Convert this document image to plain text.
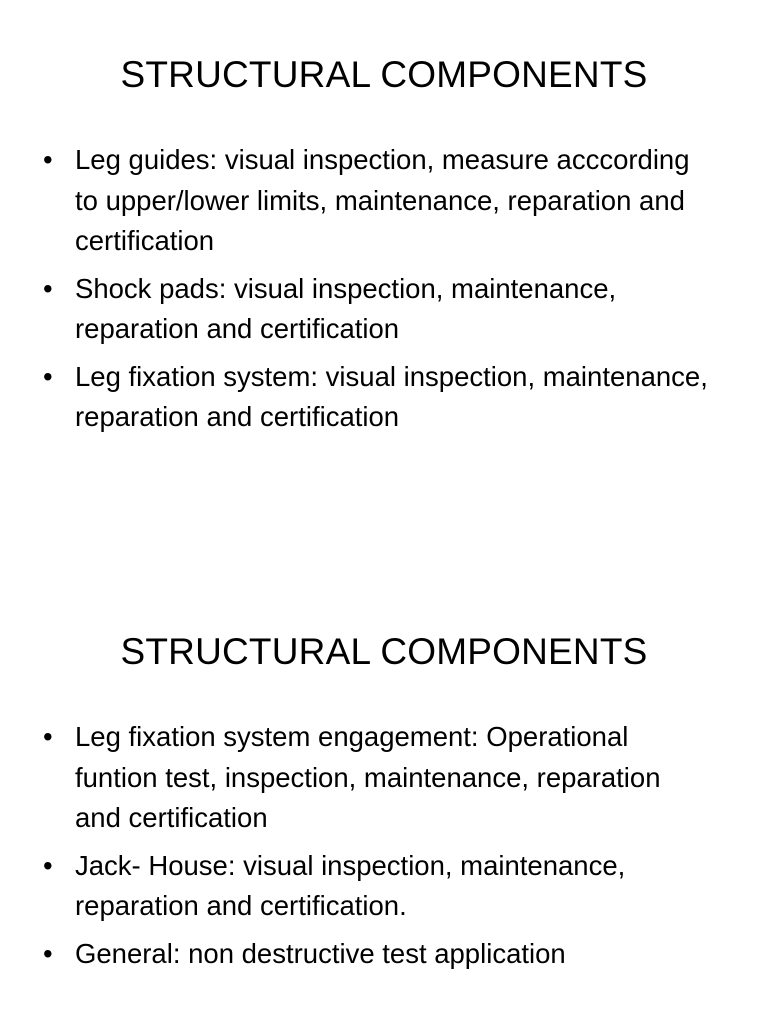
STRUCTURAL COMPONENTS
• Leg guides: visual inspection, measure acccording to upper/lower limits, maintenance, reparation and certification
• Shock pads: visual inspection, maintenance, reparation and certification
• Leg fixation system: visual inspection, maintenance, reparation and certification
STRUCTURAL COMPONENTS
• Leg fixation system engagement: Operational funtion test, inspection, maintenance, reparation and certification
• Jack- House: visual inspection, maintenance, reparation and certification.
• General: non destructive test application
